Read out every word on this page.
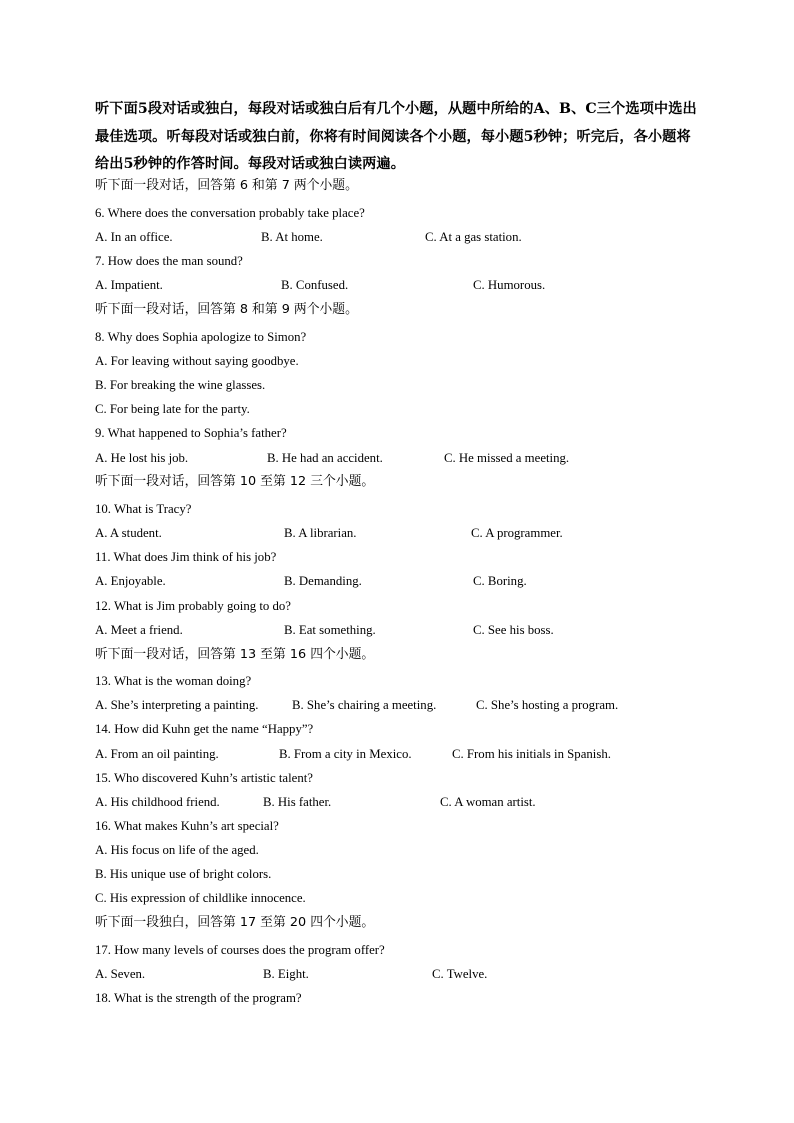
听下面5段对话或独白，每段对话或独白后有几个小题，从题中所给的A、B、C三个选项中选出最佳选项。听每段对话或独白前，你将有时间阅读各个小题，每小题5秒钟；听完后，各小题将给出5秒钟的作答时间。每段对话或独白读两遍。
听下面一段对话，回答第 6 和第 7 两个小题。
6. Where does the conversation probably take place?
A. In an office.	B. At home.	C. At a gas station.
7. How does the man sound?
A. Impatient.	B. Confused.	C. Humorous.
听下面一段对话，回答第 8 和第 9 两个小题。
8. Why does Sophia apologize to Simon?
A. For leaving without saying goodbye.
B. For breaking the wine glasses.
C. For being late for the party.
9. What happened to Sophia’s father?
A. He lost his job.	B. He had an accident.	C. He missed a meeting.
听下面一段对话，回答第 10 至第 12 三个小题。
10. What is Tracy?
A. A student.	B. A librarian.	C. A programmer.
11. What does Jim think of his job?
A. Enjoyable.	B. Demanding.	C. Boring.
12. What is Jim probably going to do?
A. Meet a friend.	B. Eat something.	C. See his boss.
听下面一段对话，回答第 13 至第 16 四个小题。
13. What is the woman doing?
A. She’s interpreting a painting.	B. She’s chairing a meeting.	C. She’s hosting a program.
14. How did Kuhn get the name “Happy”?
A. From an oil painting.	B. From a city in Mexico.	C. From his initials in Spanish.
15. Who discovered Kuhn’s artistic talent?
A. His childhood friend.	B. His father.	C. A woman artist.
16. What makes Kuhn’s art special?
A. His focus on life of the aged.
B. His unique use of bright colors.
C. His expression of childlike innocence.
听下面一段独白，回答第 17 至第 20 四个小题。
17. How many levels of courses does the program offer?
A. Seven.	B. Eight.	C. Twelve.
18. What is the strength of the program?
